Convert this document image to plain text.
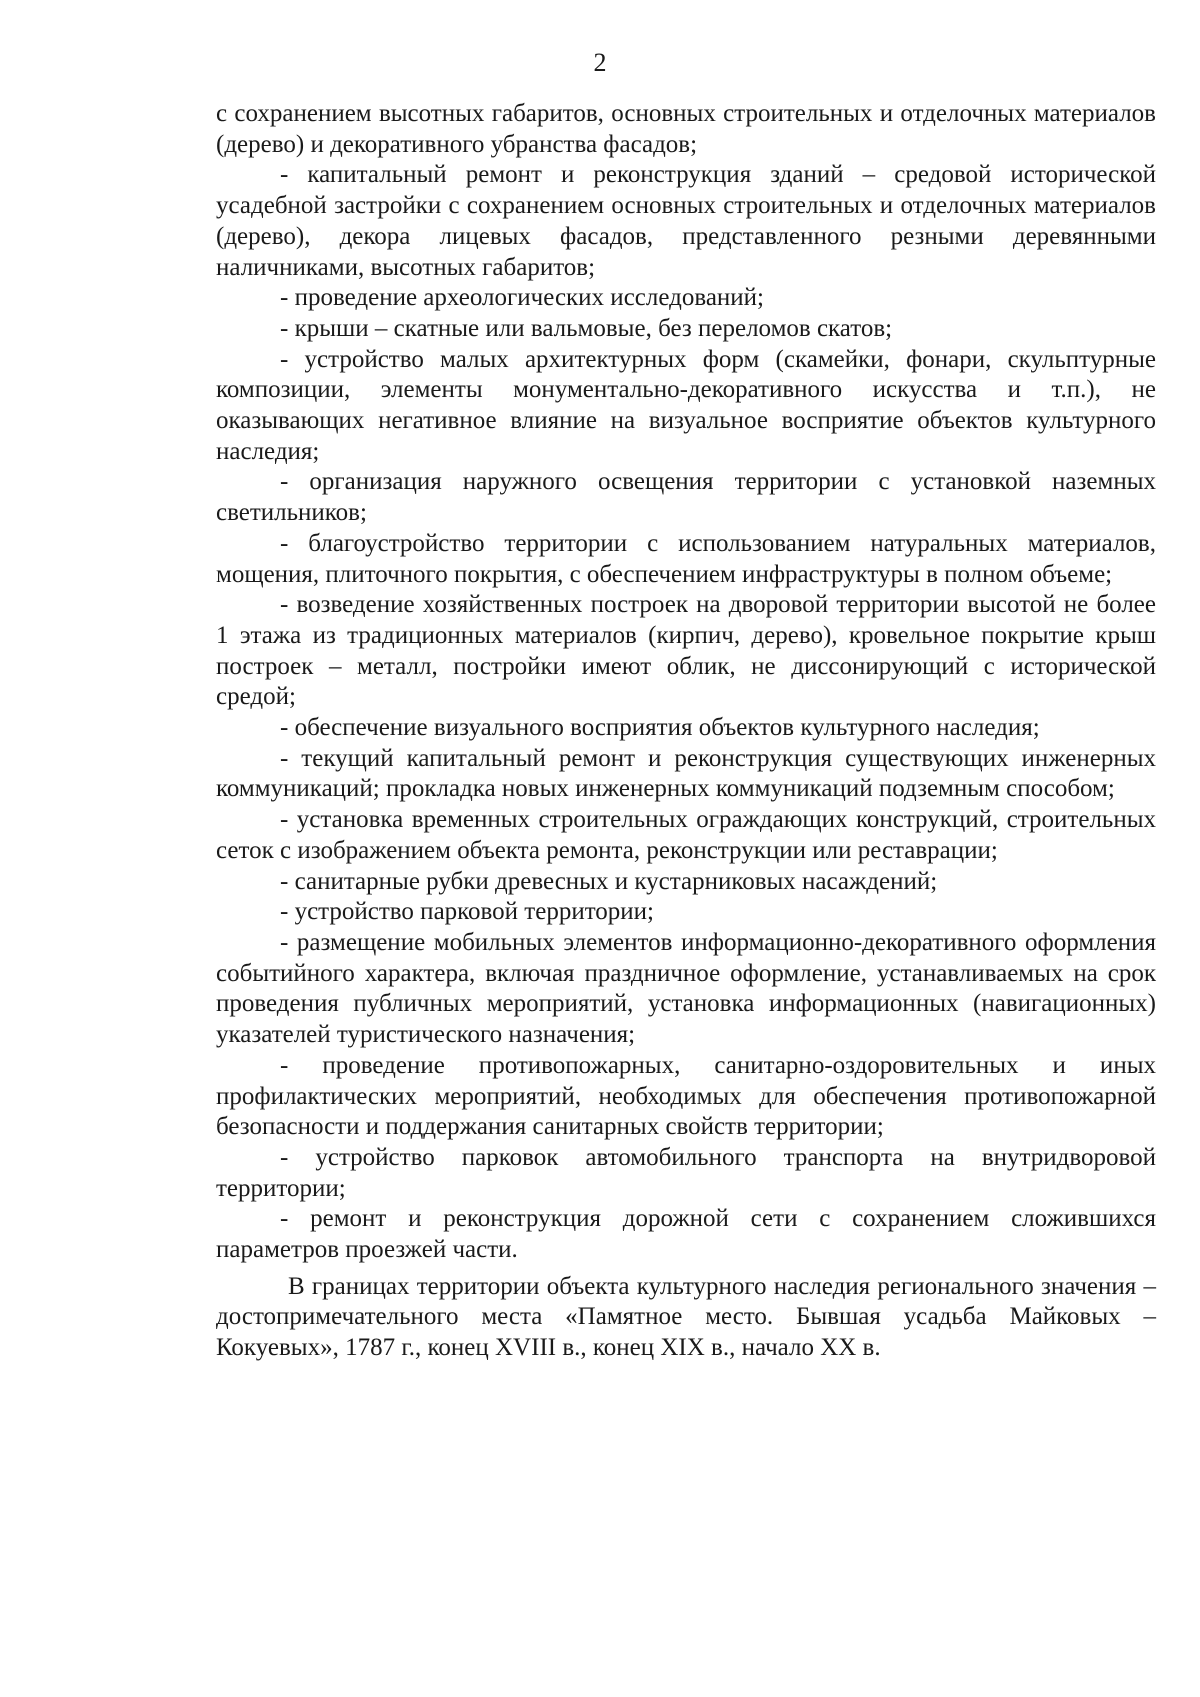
2

с сохранением высотных габаритов, основных строительных и отделочных материалов (дерево) и декоративного убранства фасадов;

- капитальный ремонт и реконструкция зданий – средовой исторической усадебной застройки с сохранением основных строительных и отделочных материалов (дерево), декора лицевых фасадов, представленного резными деревянными наличниками, высотных габаритов;

- проведение археологических исследований;

- крыши – скатные или вальмовые, без переломов скатов;

- устройство малых архитектурных форм (скамейки, фонари, скульптурные композиции, элементы монументально-декоративного искусства и т.п.), не оказывающих негативное влияние на визуальное восприятие объектов культурного наследия;

- организация наружного освещения территории с установкой наземных светильников;

- благоустройство территории с использованием натуральных материалов, мощения, плиточного покрытия, с обеспечением инфраструктуры в полном объеме;

- возведение хозяйственных построек на дворовой территории высотой не более 1 этажа из традиционных материалов (кирпич, дерево), кровельное покрытие крыш построек – металл, постройки имеют облик, не диссонирующий с исторической средой;

- обеспечение визуального восприятия объектов культурного наследия;

- текущий капитальный ремонт и реконструкция существующих инженерных коммуникаций; прокладка новых инженерных коммуникаций подземным способом;

- установка временных строительных ограждающих конструкций, строительных сеток с изображением объекта ремонта, реконструкции или реставрации;

- санитарные рубки древесных и кустарниковых насаждений;

- устройство парковой территории;

- размещение мобильных элементов информационно-декоративного оформления событийного характера, включая праздничное оформление, устанавливаемых на срок проведения публичных мероприятий, установка информационных (навигационных) указателей туристического назначения;

- проведение противопожарных, санитарно-оздоровительных и иных профилактических мероприятий, необходимых для обеспечения противопожарной безопасности и поддержания санитарных свойств территории;

- устройство парковок автомобильного транспорта на внутридворовой территории;

- ремонт и реконструкция дорожной сети с сохранением сложившихся параметров проезжей части.

В границах территории объекта культурного наследия регионального значения – достопримечательного места «Памятное место. Бывшая усадьба Майковых – Кокуевых», 1787 г., конец XVIII в., конец XIX в., начало XX в.
